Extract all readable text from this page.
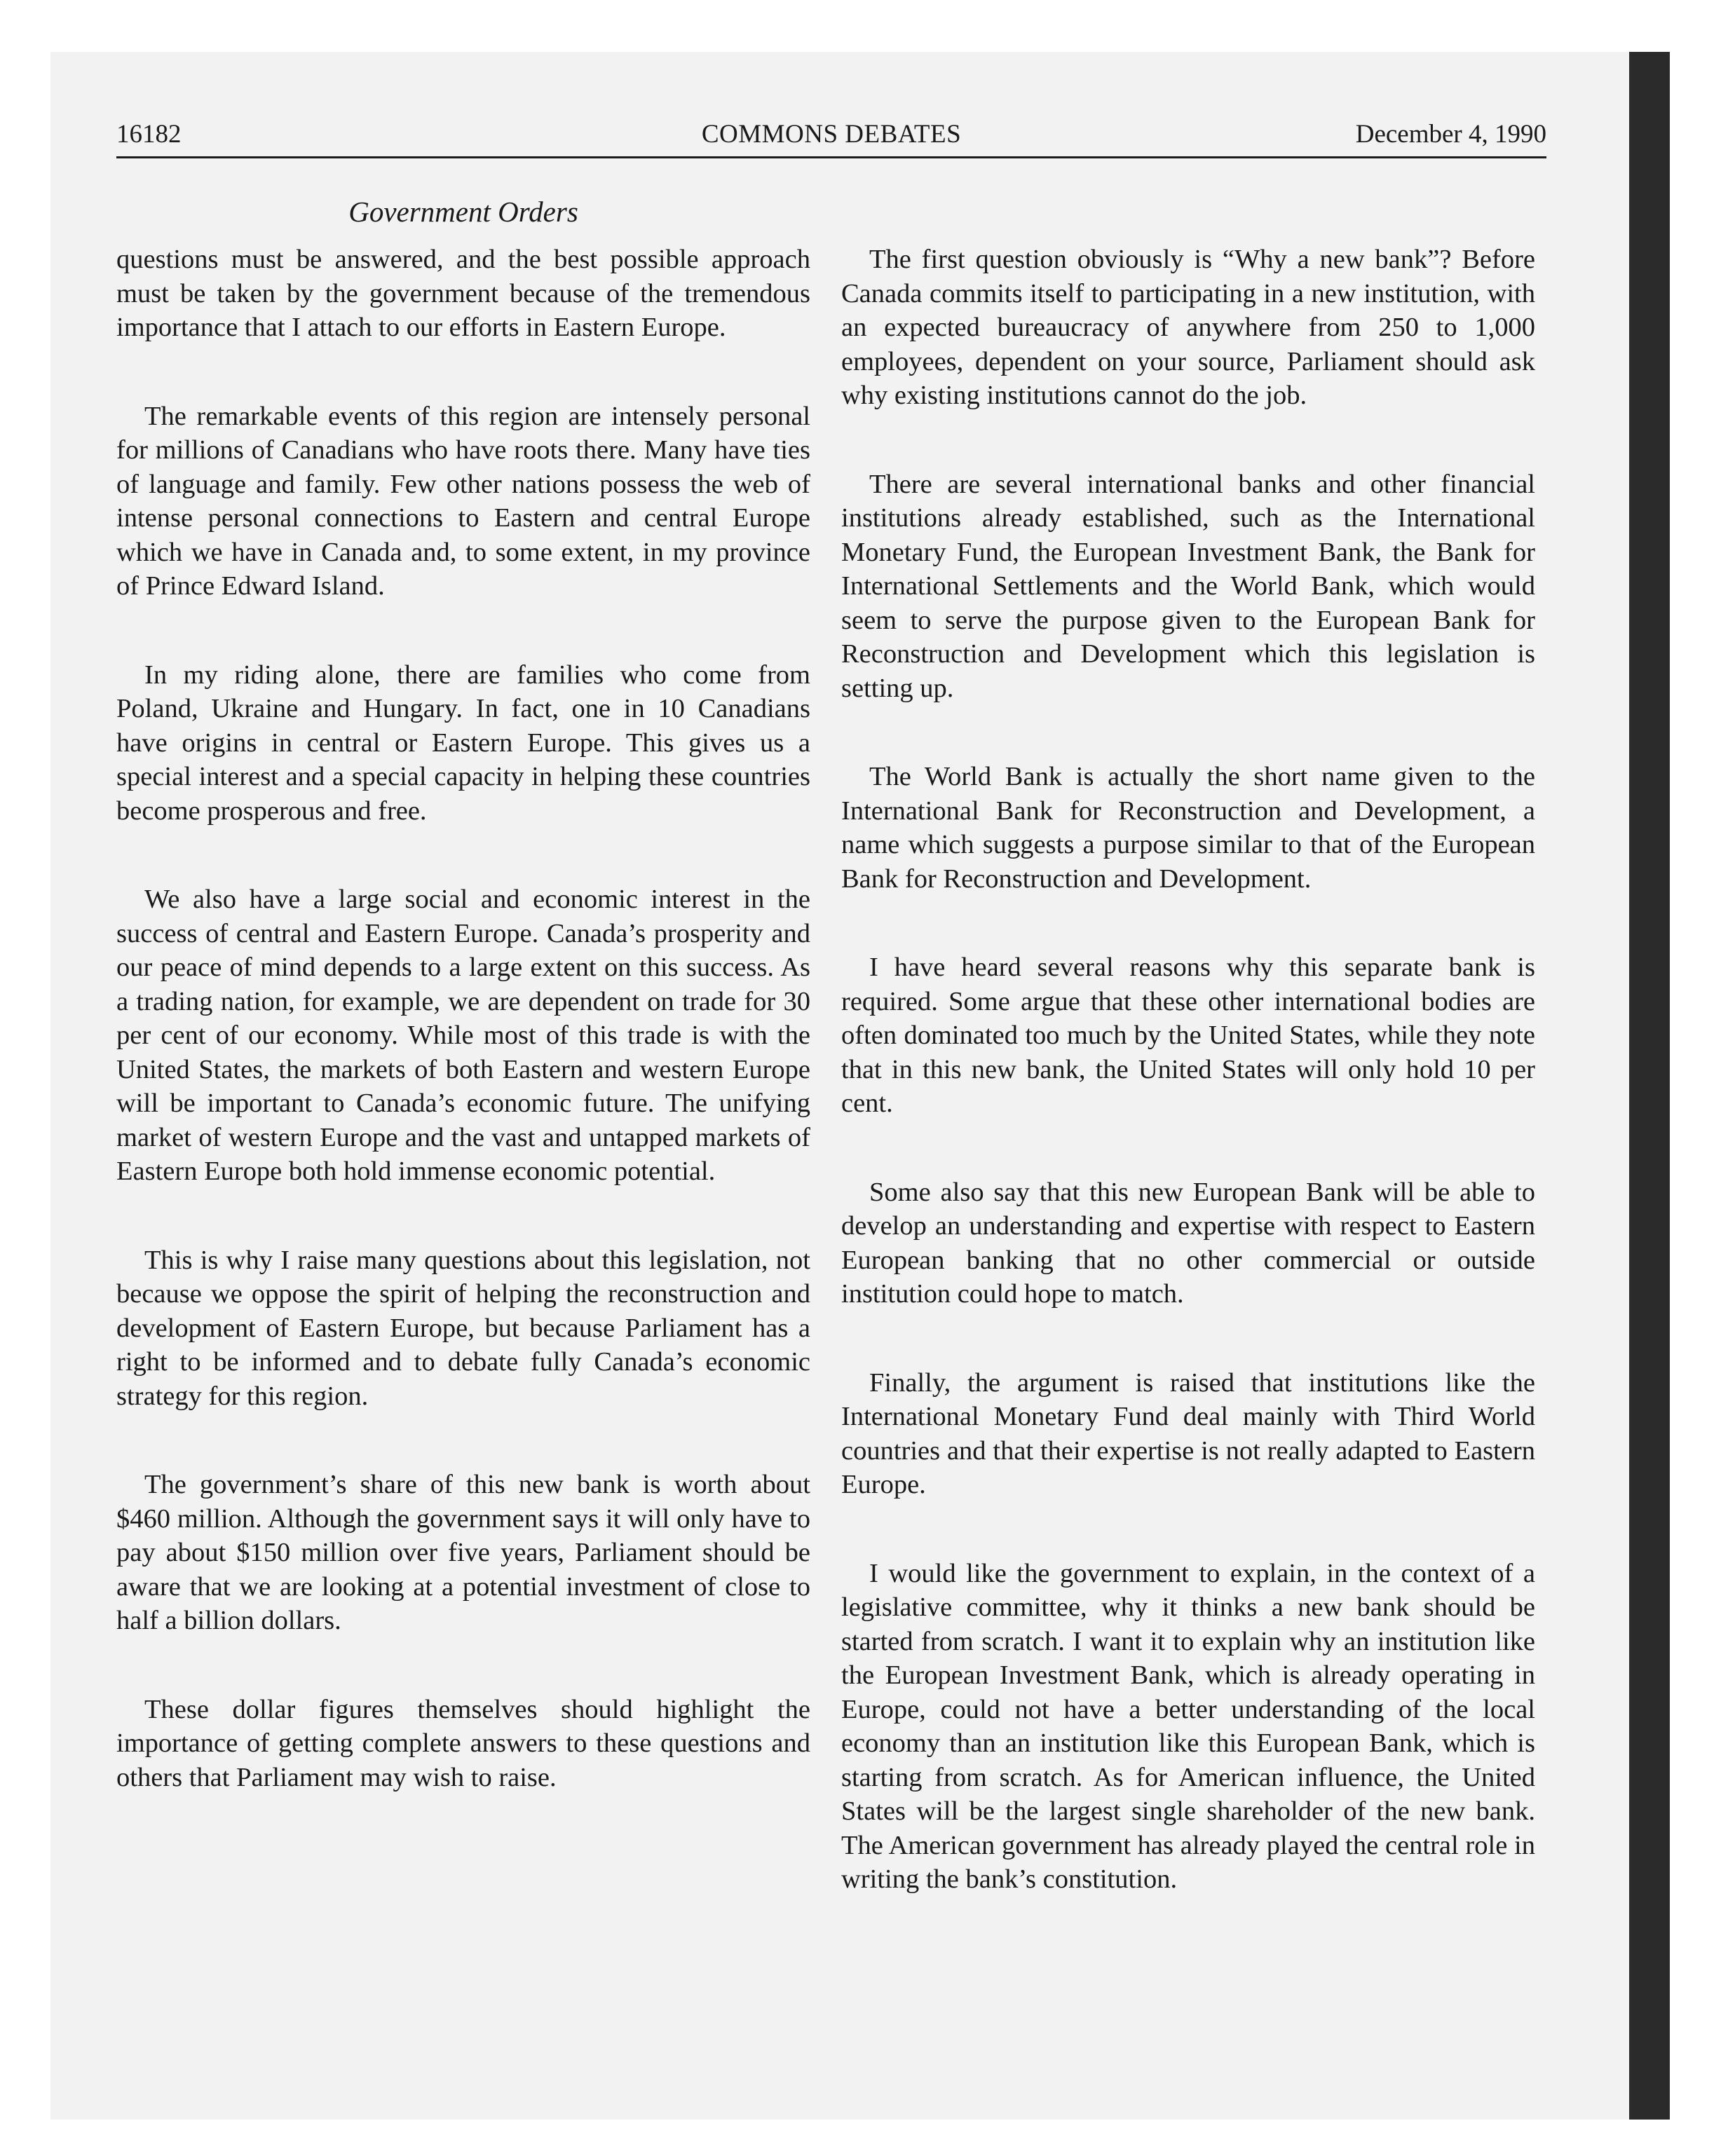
16182	COMMONS DEBATES	December 4, 1990
Government Orders

questions must be answered, and the best possible approach must be taken by the government because of the tremendous importance that I attach to our efforts in Eastern Europe.

The remarkable events of this region are intensely personal for millions of Canadians who have roots there. Many have ties of language and family. Few other nations possess the web of intense personal connections to Eastern and central Europe which we have in Canada and, to some extent, in my province of Prince Edward Island.

In my riding alone, there are families who come from Poland, Ukraine and Hungary. In fact, one in 10 Canadians have origins in central or Eastern Europe. This gives us a special interest and a special capacity in helping these countries become prosperous and free.

We also have a large social and economic interest in the success of central and Eastern Europe. Canada’s prosperity and our peace of mind depends to a large extent on this success. As a trading nation, for example, we are dependent on trade for 30 per cent of our economy. While most of this trade is with the United States, the markets of both Eastern and western Europe will be important to Canada’s economic future. The unifying market of western Europe and the vast and untapped markets of Eastern Europe both hold immense economic potential.

This is why I raise many questions about this legislation, not because we oppose the spirit of helping the reconstruction and development of Eastern Europe, but because Parliament has a right to be informed and to debate fully Canada’s economic strategy for this region.

The government’s share of this new bank is worth about $460 million. Although the government says it will only have to pay about $150 million over five years, Parliament should be aware that we are looking at a potential investment of close to half a billion dollars.

These dollar figures themselves should highlight the importance of getting complete answers to these questions and others that Parliament may wish to raise.

The first question obviously is “Why a new bank”? Before Canada commits itself to participating in a new institution, with an expected bureaucracy of anywhere from 250 to 1,000 employees, dependent on your source, Parliament should ask why existing institutions cannot do the job.

There are several international banks and other financial institutions already established, such as the International Monetary Fund, the European Investment Bank, the Bank for International Settlements and the World Bank, which would seem to serve the purpose given to the European Bank for Reconstruction and Development which this legislation is setting up.

The World Bank is actually the short name given to the International Bank for Reconstruction and Development, a name which suggests a purpose similar to that of the European Bank for Reconstruction and Development.

I have heard several reasons why this separate bank is required. Some argue that these other international bodies are often dominated too much by the United States, while they note that in this new bank, the United States will only hold 10 per cent.

Some also say that this new European Bank will be able to develop an understanding and expertise with respect to Eastern European banking that no other commercial or outside institution could hope to match.

Finally, the argument is raised that institutions like the International Monetary Fund deal mainly with Third World countries and that their expertise is not really adapted to Eastern Europe.

I would like the government to explain, in the context of a legislative committee, why it thinks a new bank should be started from scratch. I want it to explain why an institution like the European Investment Bank, which is already operating in Europe, could not have a better understanding of the local economy than an institution like this European Bank, which is starting from scratch. As for American influence, the United States will be the largest single shareholder of the new bank. The American government has already played the central role in writing the bank’s constitution.
